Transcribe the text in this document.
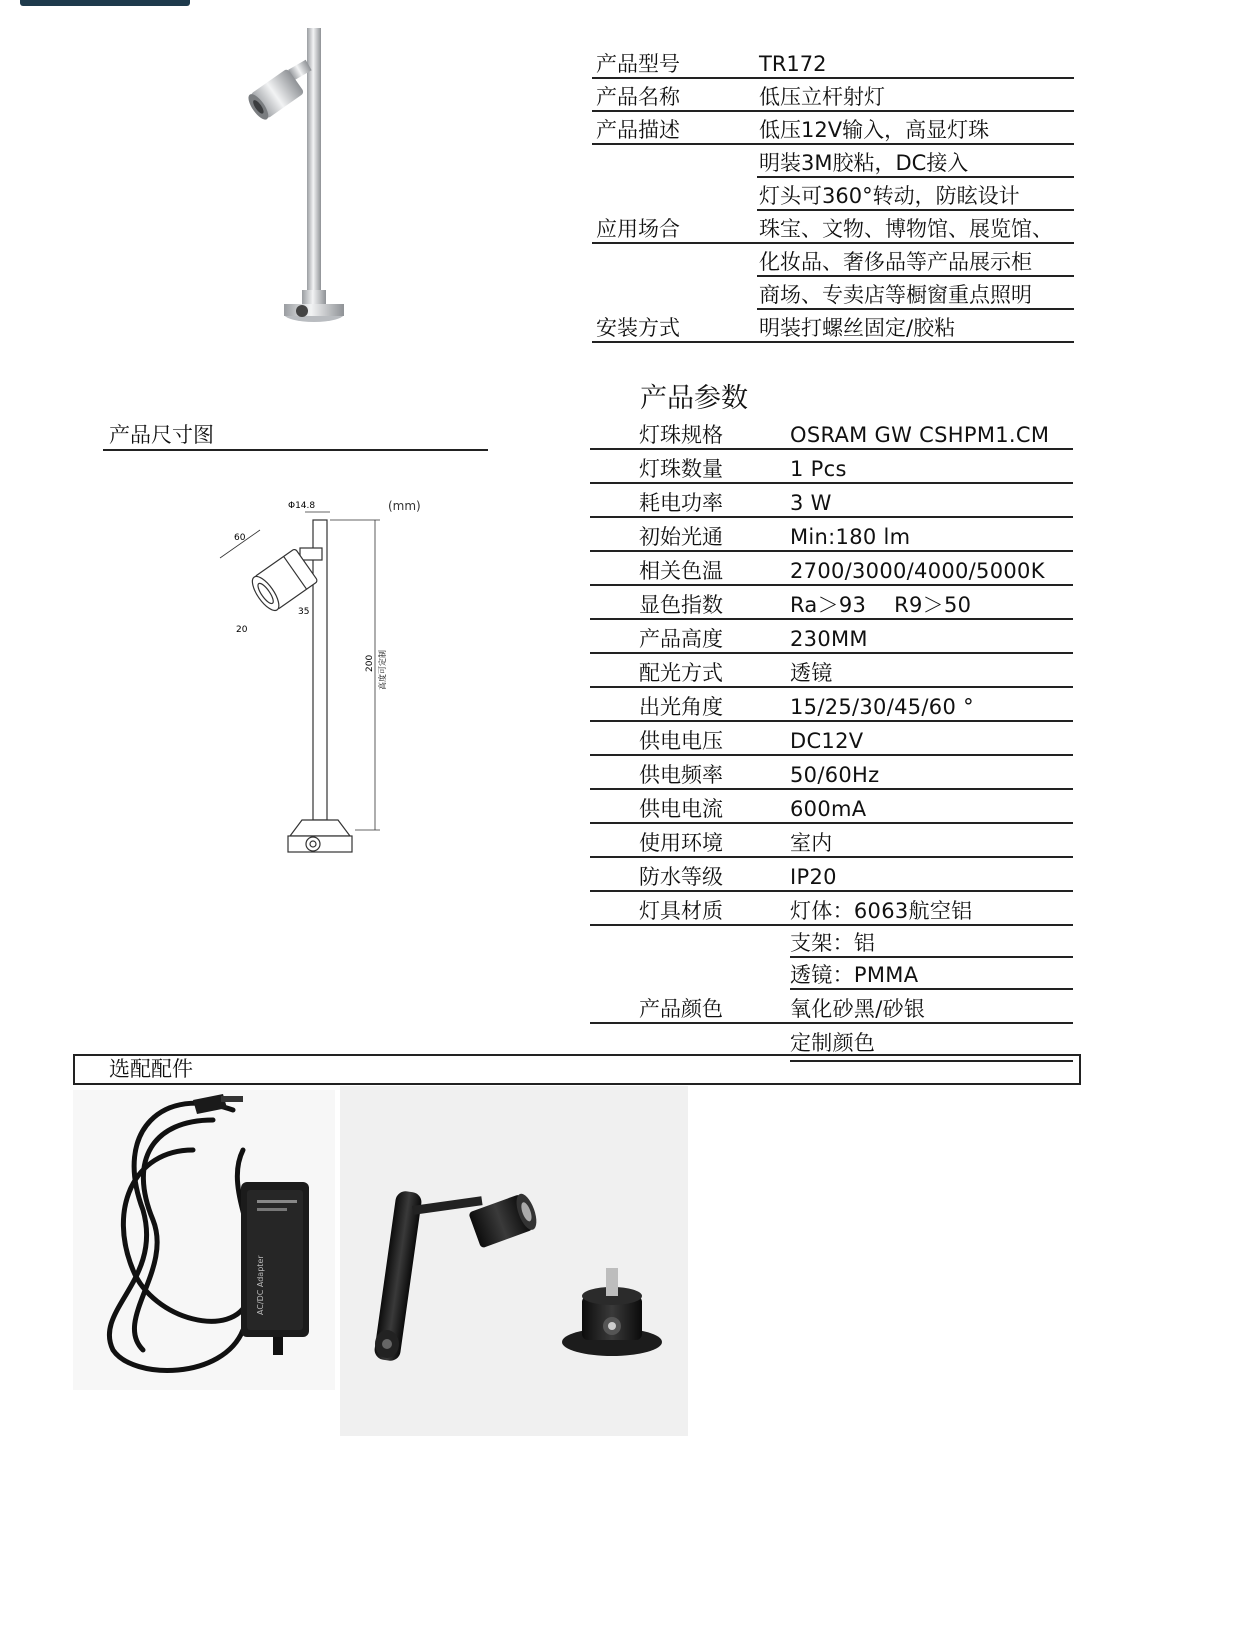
产品型号	TR172
产品名称	低压立杆射灯
产品描述	低压12V输入，高显灯珠
明装3M胶粘，DC接入
灯头可360°转动，防眩设计
应用场合	珠宝、文物、博物馆、展览馆、
化妆品、奢侈品等产品展示柜
商场、专卖店等橱窗重点照明
安装方式	明装打螺丝固定/胶粘
产品参数
灯珠规格	OSRAM GW CSHPM1.CM
灯珠数量	1 Pcs
耗电功率	3 W
初始光通	Min:180 lm
相关色温	2700/3000/4000/5000K
显色指数	Ra＞93    R9＞50
产品高度	230MM
配光方式	透镜
出光角度	15/25/30/45/60 °
供电电压	DC12V
供电频率	50/60Hz
供电电流	600mA
使用环境	室内
防水等级	IP20
灯具材质	灯体：6063航空铝
支架：铝
透镜：PMMA
产品颜色	氧化砂黑/砂银
定制颜色
产品尺寸图
Φ14.8	(mm)
60
35
20
200 高度可定制
选配配件
AC/DC Adapter
